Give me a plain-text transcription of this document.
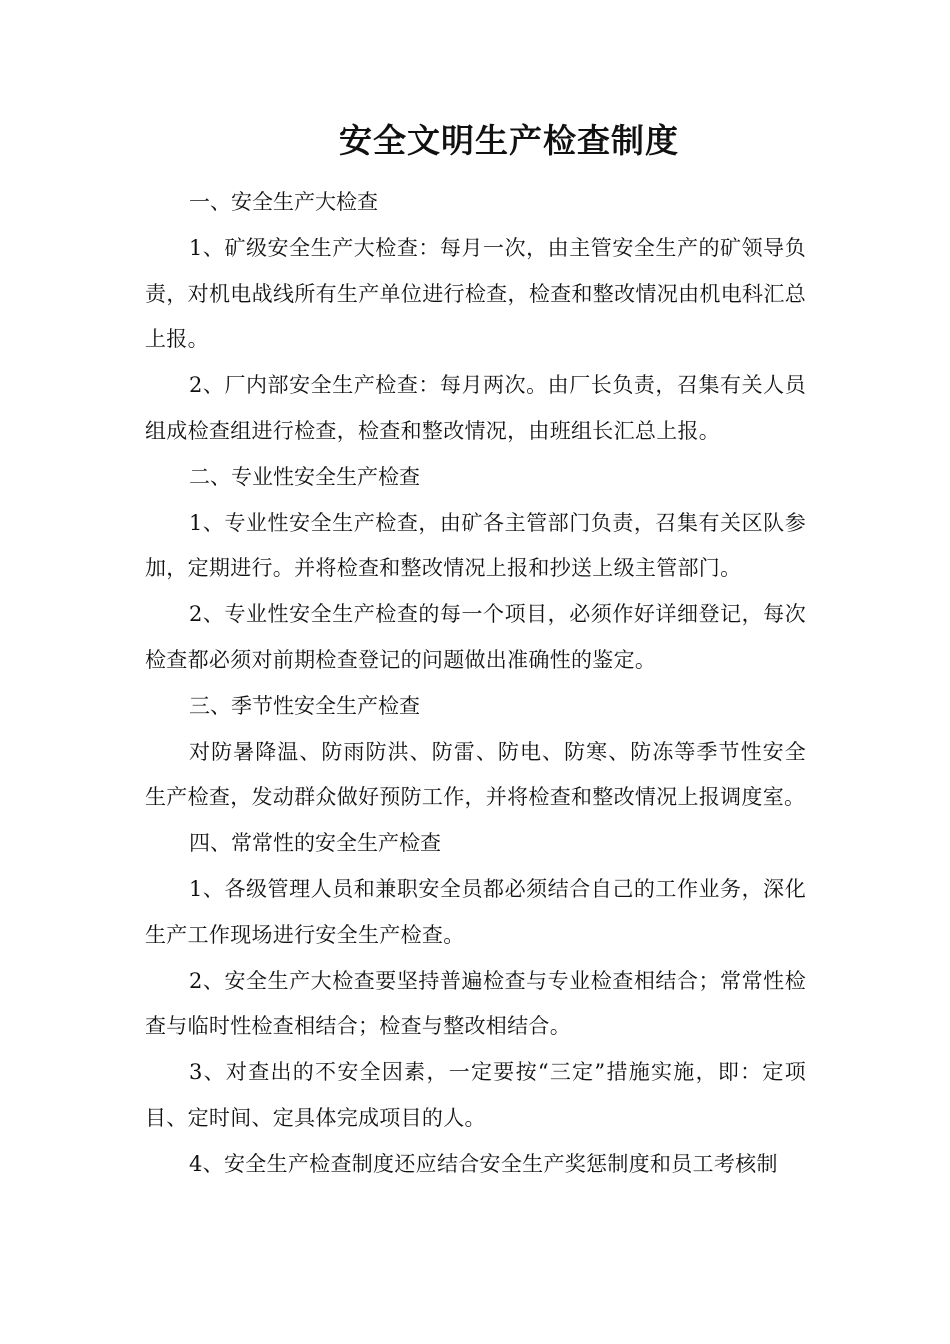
安全文明生产检查制度

一、安全生产大检查

1、矿级安全生产大检查：每月一次，由主管安全生产的矿领导负责，对机电战线所有生产单位进行检查，检查和整改情况由机电科汇总上报。

2、厂内部安全生产检查：每月两次。由厂长负责，召集有关人员组成检查组进行检查，检查和整改情况，由班组长汇总上报。

二、专业性安全生产检查

1、专业性安全生产检查，由矿各主管部门负责，召集有关区队参加，定期进行。并将检查和整改情况上报和抄送上级主管部门。

2、专业性安全生产检查的每一个项目，必须作好详细登记，每次检查都必须对前期检查登记的问题做出准确性的鉴定。

三、季节性安全生产检查

对防暑降温、防雨防洪、防雷、防电、防寒、防冻等季节性安全生产检查，发动群众做好预防工作，并将检查和整改情况上报调度室。

四、常常性的安全生产检查

1、各级管理人员和兼职安全员都必须结合自己的工作业务，深化生产工作现场进行安全生产检查。

2、安全生产大检查要坚持普遍检查与专业检查相结合；常常性检查与临时性检查相结合；检查与整改相结合。

3、对查出的不安全因素，一定要按“三定”措施实施，即：定项目、定时间、定具体完成项目的人。

4、安全生产检查制度还应结合安全生产奖惩制度和员工考核制
